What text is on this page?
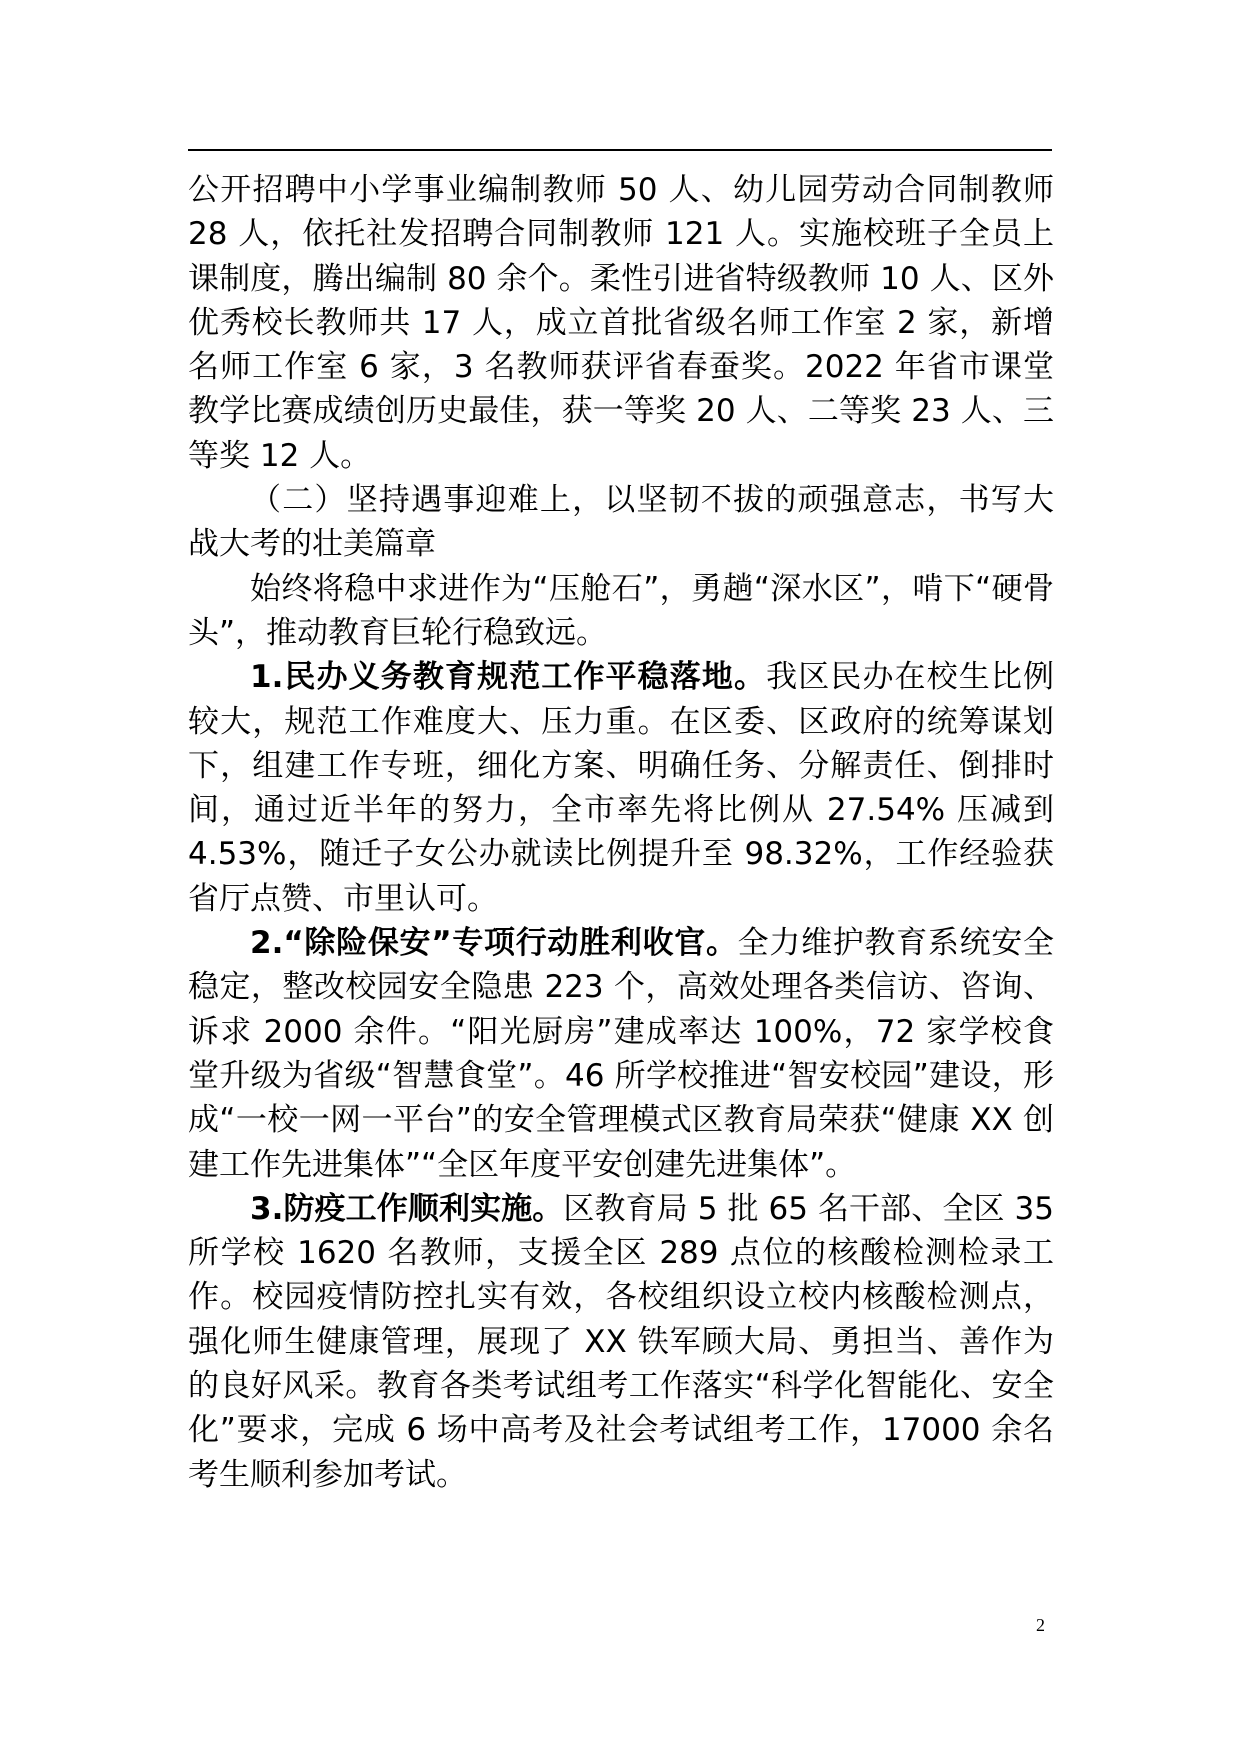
公开招聘中小学事业编制教师 50 人、幼儿园劳动合同制教师 28 人，依托社发招聘合同制教师 121 人。实施校班子全员上课制度，腾出编制 80 余个。柔性引进省特级教师 10 人、区外优秀校长教师共 17 人，成立首批省级名师工作室 2 家，新增名师工作室 6 家，3 名教师获评省春蚕奖。2022 年省市课堂教学比赛成绩创历史最佳，获一等奖 20 人、二等奖 23 人、三等奖 12 人。

（二）坚持遇事迎难上，以坚韧不拔的顽强意志，书写大战大考的壮美篇章

始终将稳中求进作为“压舱石”，勇趟“深水区”，啃下“硬骨头”，推动教育巨轮行稳致远。

1.民办义务教育规范工作平稳落地。我区民办在校生比例较大，规范工作难度大、压力重。在区委、区政府的统筹谋划下，组建工作专班，细化方案、明确任务、分解责任、倒排时间，通过近半年的努力，全市率先将比例从 27.54% 压减到 4.53%，随迁子女公办就读比例提升至 98.32%，工作经验获省厅点赞、市里认可。

2.“除险保安”专项行动胜利收官。全力维护教育系统安全稳定，整改校园安全隐患 223 个，高效处理各类信访、咨询、诉求 2000 余件。“阳光厨房”建成率达 100%，72 家学校食堂升级为省级“智慧食堂”。46 所学校推进“智安校园”建设，形成“一校一网一平台”的安全管理模式区教育局荣获“健康 XX 创建工作先进集体”“全区年度平安创建先进集体”。

3.防疫工作顺利实施。区教育局 5 批 65 名干部、全区 35 所学校 1620 名教师，支援全区 289 点位的核酸检测检录工作。校园疫情防控扎实有效，各校组织设立校内核酸检测点，强化师生健康管理，展现了 XX 铁军顾大局、勇担当、善作为的良好风采。教育各类考试组考工作落实“科学化智能化、安全化”要求，完成 6 场中高考及社会考试组考工作，17000 余名考生顺利参加考试。

2
